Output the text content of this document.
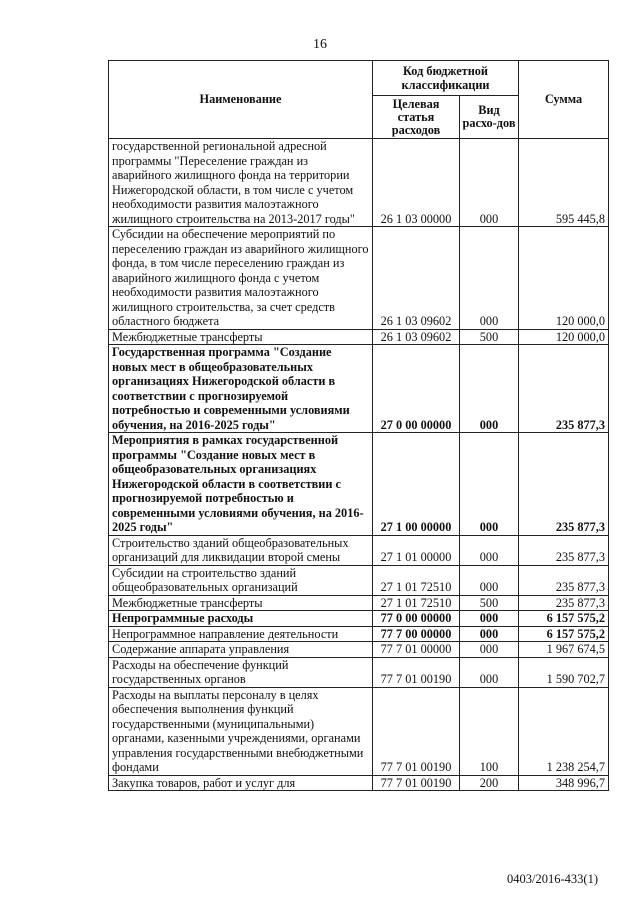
16
Наименование	Код бюджетной классификации		Сумма
	Целевая статья расходов	Вид расхо-дов	
государственной региональной адресной программы "Переселение граждан из аварийного жилищного фонда на территории Нижегородской области, в том числе с учетом необходимости развития малоэтажного жилищного строительства на 2013-2017 годы"	26 1 03 00000	000	595 445,8
Субсидии на обеспечение мероприятий по переселению граждан из аварийного жилищного фонда, в том числе переселению граждан из аварийного жилищного фонда с учетом необходимости развития малоэтажного жилищного строительства, за счет средств областного бюджета	26 1 03 09602	000	120 000,0
Межбюджетные трансферты	26 1 03 09602	500	120 000,0
Государственная программа "Создание новых мест в общеобразовательных организациях Нижегородской области в соответствии с прогнозируемой потребностью и современными условиями обучения, на 2016-2025 годы"	27 0 00 00000	000	235 877,3
Мероприятия в рамках государственной программы "Создание новых мест в общеобразовательных организациях Нижегородской области в соответствии с прогнозируемой потребностью и современными условиями обучения, на 2016-2025 годы"	27 1 00 00000	000	235 877,3
Строительство зданий общеобразовательных организаций для ликвидации второй смены	27 1 01 00000	000	235 877,3
Субсидии на строительство зданий общеобразовательных организаций	27 1 01 72510	000	235 877,3
Межбюджетные трансферты	27 1 01 72510	500	235 877,3
Непрограммные расходы	77 0 00 00000	000	6 157 575,2
Непрограммное направление деятельности	77 7 00 00000	000	6 157 575,2
Содержание аппарата управления	77 7 01 00000	000	1 967 674,5
Расходы на обеспечение функций государственных органов	77 7 01 00190	000	1 590 702,7
Расходы на выплаты персоналу в целях обеспечения выполнения функций государственными (муниципальными) органами, казенными учреждениями, органами управления государственными внебюджетными фондами	77 7 01 00190	100	1 238 254,7
Закупка товаров, работ и услуг для	77 7 01 00190	200	348 996,7
0403/2016-433(1)
